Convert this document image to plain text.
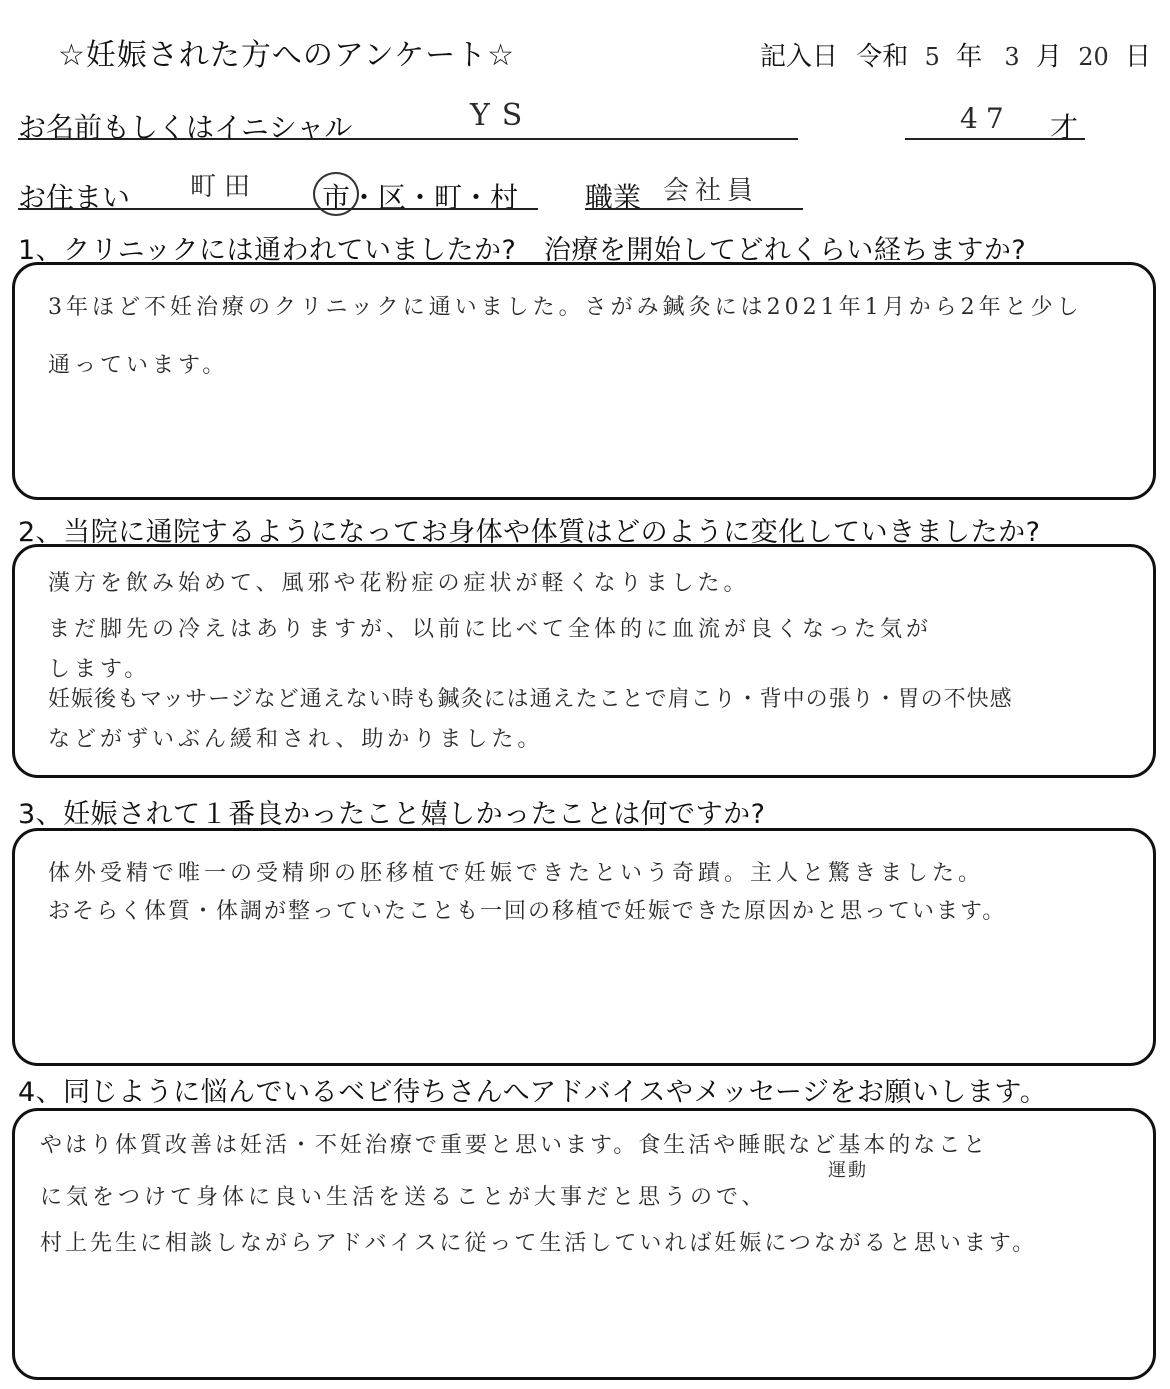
☆妊娠された方へのアンケート☆	記入日 令和 5 年 3 月 20 日
お名前もしくはイニシャル	YS	47 才
お住まい 町田 市・区・町・村 職業 会社員
1、クリニックには通われていましたか?　治療を開始してどれくらい経ちますか?
3年ほど不妊治療のクリニックに通いました。さがみ鍼灸には2021年1月から2年と少し
通っています。
2、当院に通院するようになってお身体や体質はどのように変化していきましたか?
漢方を飲み始めて、風邪や花粉症の症状が軽くなりました。
まだ脚先の冷えはありますが、以前に比べて全体的に血流が良くなった気が
します。
妊娠後もマッサージなど通えない時も鍼灸には通えたことで肩こり・背中の張り・胃の不快感
などがずいぶん緩和され、助かりました。
3、妊娠されて１番良かったこと嬉しかったことは何ですか?
体外受精で唯一の受精卵の胚移植で妊娠できたという奇蹟。主人と驚きました。
おそらく体質・体調が整っていたことも一回の移植で妊娠できた原因かと思っています。
4、同じように悩んでいるベビ待ちさんへアドバイスやメッセージをお願いします。
やはり体質改善は妊活・不妊治療で重要と思います。食生活や睡眠など基本的なこと
運動
に気をつけて身体に良い生活を送ることが大事だと思うので、
村上先生に相談しながらアドバイスに従って生活していれば妊娠につながると思います。
